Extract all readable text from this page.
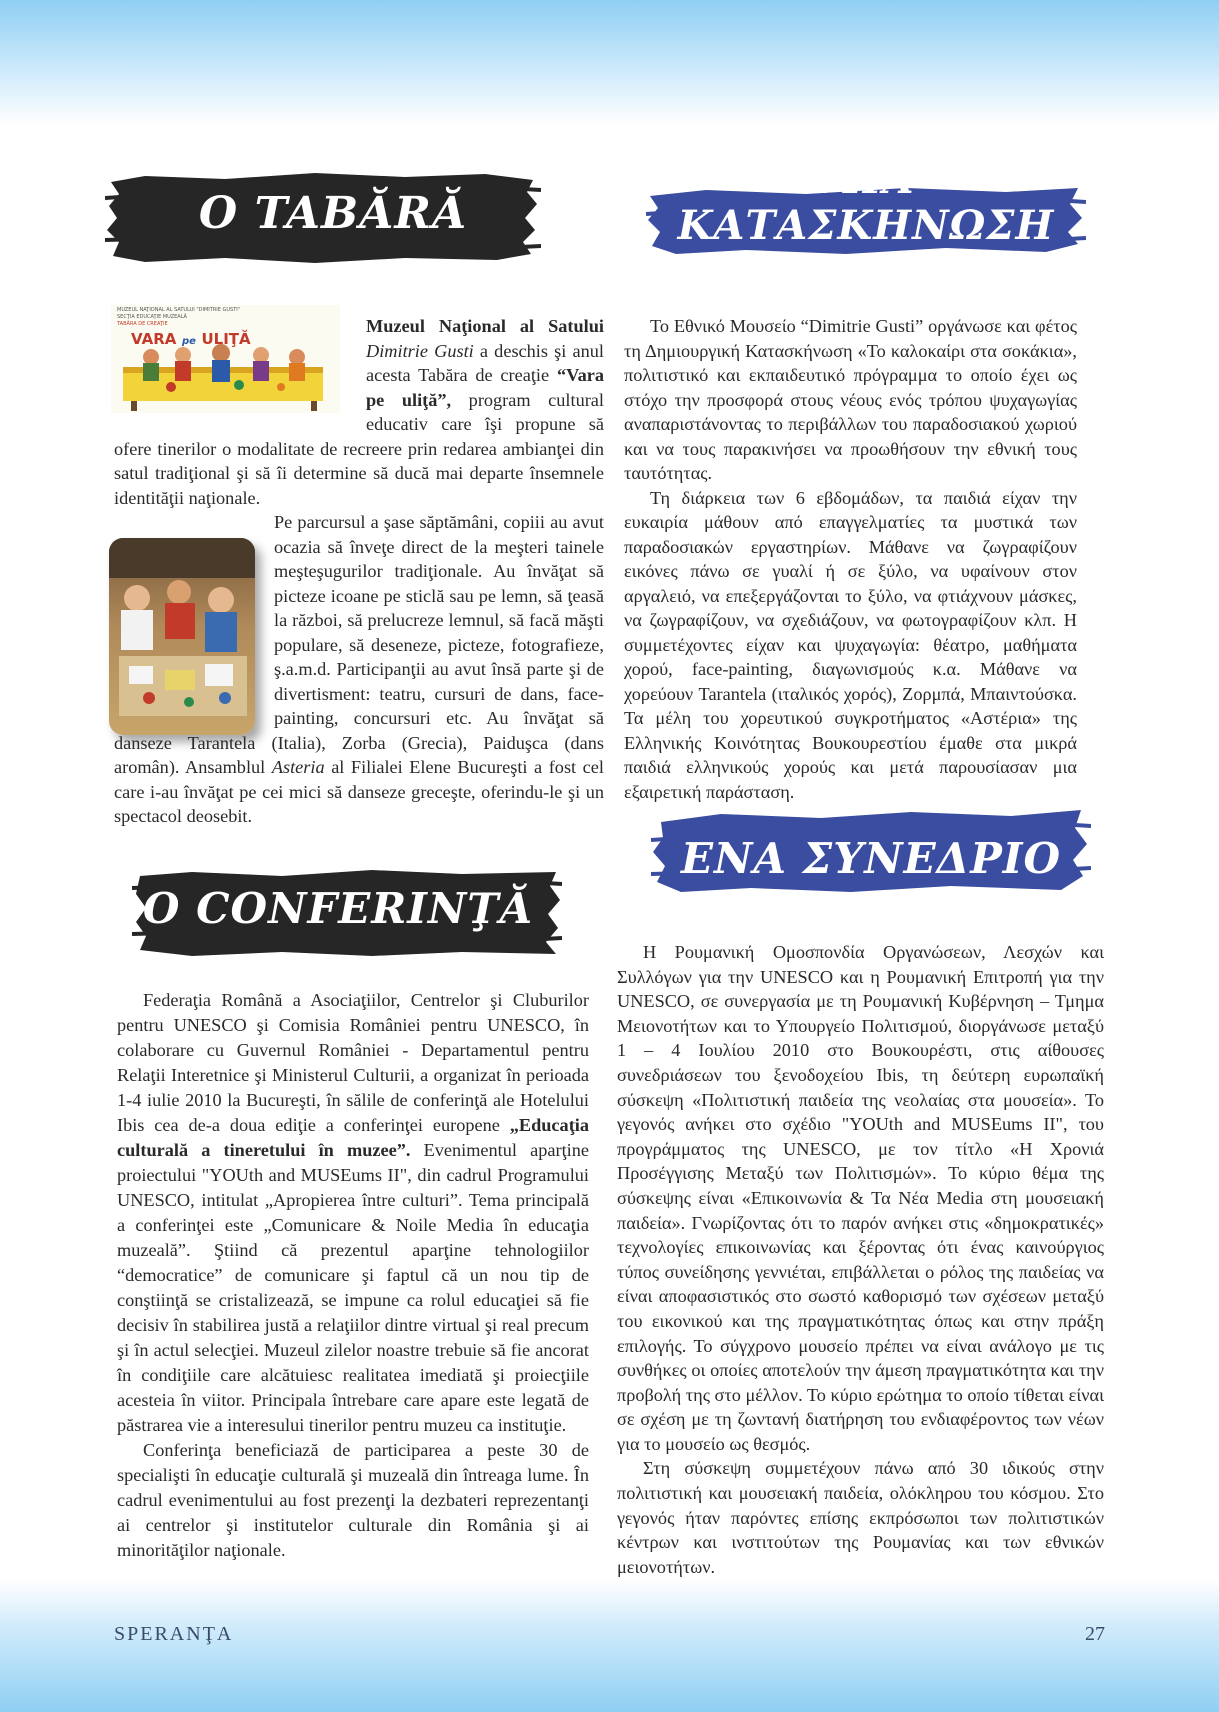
O TABĂRĂ
ΜΙΑ
ΚΑΤΑΣΚΗΝΩΣΗ
MUZEUL NAŢIONAL AL SATULUI "DIMITRIE GUSTI"
SECŢIA EDUCAŢIE MUZEALĂ
TABĂRA DE CREAŢIE
VARA pe ULIŢĂ

Muzeul Naţional al Satului Dimitrie Gusti a deschis şi anul acesta Tabăra de creaţie “Vara pe uliţă”, program cultural educativ care îşi propune să ofere tinerilor o modalitate de recreere prin redarea ambianţei din satul tradiţional şi să îi determine să ducă mai departe însemnele identităţii naţionale.

Pe parcursul a şase săptămâni, copiii au avut ocazia să înveţe direct de la meşteri tainele meşteşugurilor tradiţionale. Au învăţat să picteze icoane pe sticlă sau pe lemn, să ţeasă la război, să prelucreze lemnul, să facă măşti populare, să deseneze, picteze, fotografieze, ş.a.m.d. Participanţii au avut însă parte şi de divertisment: teatru, cursuri de dans, face-painting, concursuri etc. Au învăţat să danseze Tarantela (Italia), Zorba (Grecia), Paiduşca (dans aromân). Ansamblul Asteria al Filialei Elene Bucureşti a fost cel care i-au învăţat pe cei mici să danseze greceşte, oferindu-le şi un spectacol deosebit.

Το Εθνικό Μουσείο “Dimitrie Gusti” οργάνωσε και φέτος τη Δημιουργική Κατασκήνωση «Το καλοκαίρι στα σοκάκια», πολιτιστικό και εκπαιδευτικό πρόγραμμα το οποίο έχει ως στόχο την προσφορά στους νέους ενός τρόπου ψυχαγωγίας αναπαριστάνοντας το περιβάλλων του παραδοσιακού χωριού και να τους παρακινήσει να προωθήσουν την εθνική τους ταυτότητας.

Τη διάρκεια των 6 εβδομάδων, τα παιδιά είχαν την ευκαιρία μάθουν από επαγγελματίες τα μυστικά των παραδοσιακών εργαστηρίων. Μάθανε να ζωγραφίζουν εικόνες πάνω σε γυαλί ή σε ξύλο, να υφαίνουν στον αργαλειό, να επεξεργάζονται το ξύλο, να φτιάχνουν μάσκες, να ζωγραφίζουν, να σχεδιάζουν, να φωτογραφίζουν κλπ. Η συμμετέχοντες είχαν και ψυχαγωγία: θέατρο, μαθήματα χορού, face-painting, διαγωνισμούς κ.α. Μάθανε να χορεύουν Tarantela (ιταλικός χορός), Ζορμπά, Μπαιντούσκα. Τα μέλη του χορευτικού συγκροτήματος «Αστέρια» της Ελληνικής Κοινότητας Βουκουρεστίου έμαθε στα μικρά παιδιά ελληνικούς χορούς και μετά παρουσίασαν μια εξαιρετική παράσταση.

ΕΝΑ ΣΥΝΕΔΡΙΟ
O CONFERINŢĂ

Federaţia Română a Asociaţiilor, Centrelor şi Cluburilor pentru UNESCO şi Comisia României pentru UNESCO, în colaborare cu Guvernul României - Departamentul pentru Relaţii Interetnice şi Ministerul Culturii, a organizat în perioada 1-4 iulie 2010 la Bucureşti, în sălile de conferinţă ale Hotelului Ibis cea de-a doua ediţie a conferinţei europene „Educaţia culturală a tineretului în muzee”. Evenimentul aparţine proiectului "YOUth and MUSEums II", din cadrul Programului UNESCO, intitulat „Apropierea între culturi”. Tema principală a conferinţei este „Comunicare & Noile Media în educaţia muzeală”. Ştiind că prezentul aparţine tehnologiilor “democratice” de comunicare şi faptul că un nou tip de conştiinţă se cristalizează, se impune ca rolul educaţiei să fie decisiv în stabilirea justă a relaţiilor dintre virtual şi real precum şi în actul selecţiei. Muzeul zilelor noastre trebuie să fie ancorat în condiţiile care alcătuiesc realitatea imediată şi proiecţiile acesteia în viitor. Principala întrebare care apare este legată de păstrarea vie a interesului tinerilor pentru muzeu ca instituţie.

Conferinţa beneficiază de participarea a peste 30 de specialişti în educaţie culturală şi muzeală din întreaga lume. În cadrul evenimentului au fost prezenţi la dezbateri reprezentanţi ai centrelor şi institutelor culturale din România şi ai minorităţilor naţionale.

Η Ρουμανική Ομοσπονδία Οργανώσεων, Λεσχών και Συλλόγων για την UNESCO και η Ρουμανική Επιτροπή για την UNESCO, σε συνεργασία με τη Ρουμανική Κυβέρνηση – Τμημα Μειονοτήτων και το Υπουργείο Πολιτισμού, διοργάνωσε μεταξύ 1 – 4 Ιουλίου 2010 στο Βουκουρέστι, στις αίθουσες συνεδριάσεων του ξενοδοχείου Ibis, τη δεύτερη ευρωπαϊκή σύσκεψη «Πολιτιστική παιδεία της νεολαίας στα μουσεία». Το γεγονός ανήκει στο σχέδιο "YOUth and MUSEums II", του προγράμματος της UNESCO, με τον τίτλο «Η Χρονιά Προσέγγισης Μεταξύ των Πολιτισμών». Το κύριο θέμα της σύσκεψης είναι «Επικοινωνία & Τα Νέα Media στη μουσειακή παιδεία». Γνωρίζοντας ότι το παρόν ανήκει στις «δημοκρατικές» τεχνολογίες επικοινωνίας και ξέροντας ότι ένας καινούργιος τύπος συνείδησης γεννιέται, επιβάλλεται ο ρόλος της παιδείας να είναι αποφασιστικός στο σωστό καθορισμό των σχέσεων μεταξύ του εικονικού και της πραγματικότητας όπως και στην πράξη επιλογής. Το σύγχρονο μουσείο πρέπει να είναι ανάλογο με τις συνθήκες οι οποίες αποτελούν την άμεση πραγματικότητα και την προβολή της στο μέλλον. Το κύριο ερώτημα το οποίο τίθεται είναι σε σχέση με τη ζωντανή διατήρηση του ενδιαφέροντος των νέων για το μουσείο ως θεσμός.

Στη σύσκεψη συμμετέχουν πάνω από 30 ιδικούς στην πολιτιστική και μουσειακή παιδεία, ολόκληρου του κόσμου. Στο γεγονός ήταν παρόντες επίσης εκπρόσωποι των πολιτιστικών κέντρων και ινστιτούτων της Ρουμανίας και των εθνικών μειονοτήτων.

SPERANŢA	27
